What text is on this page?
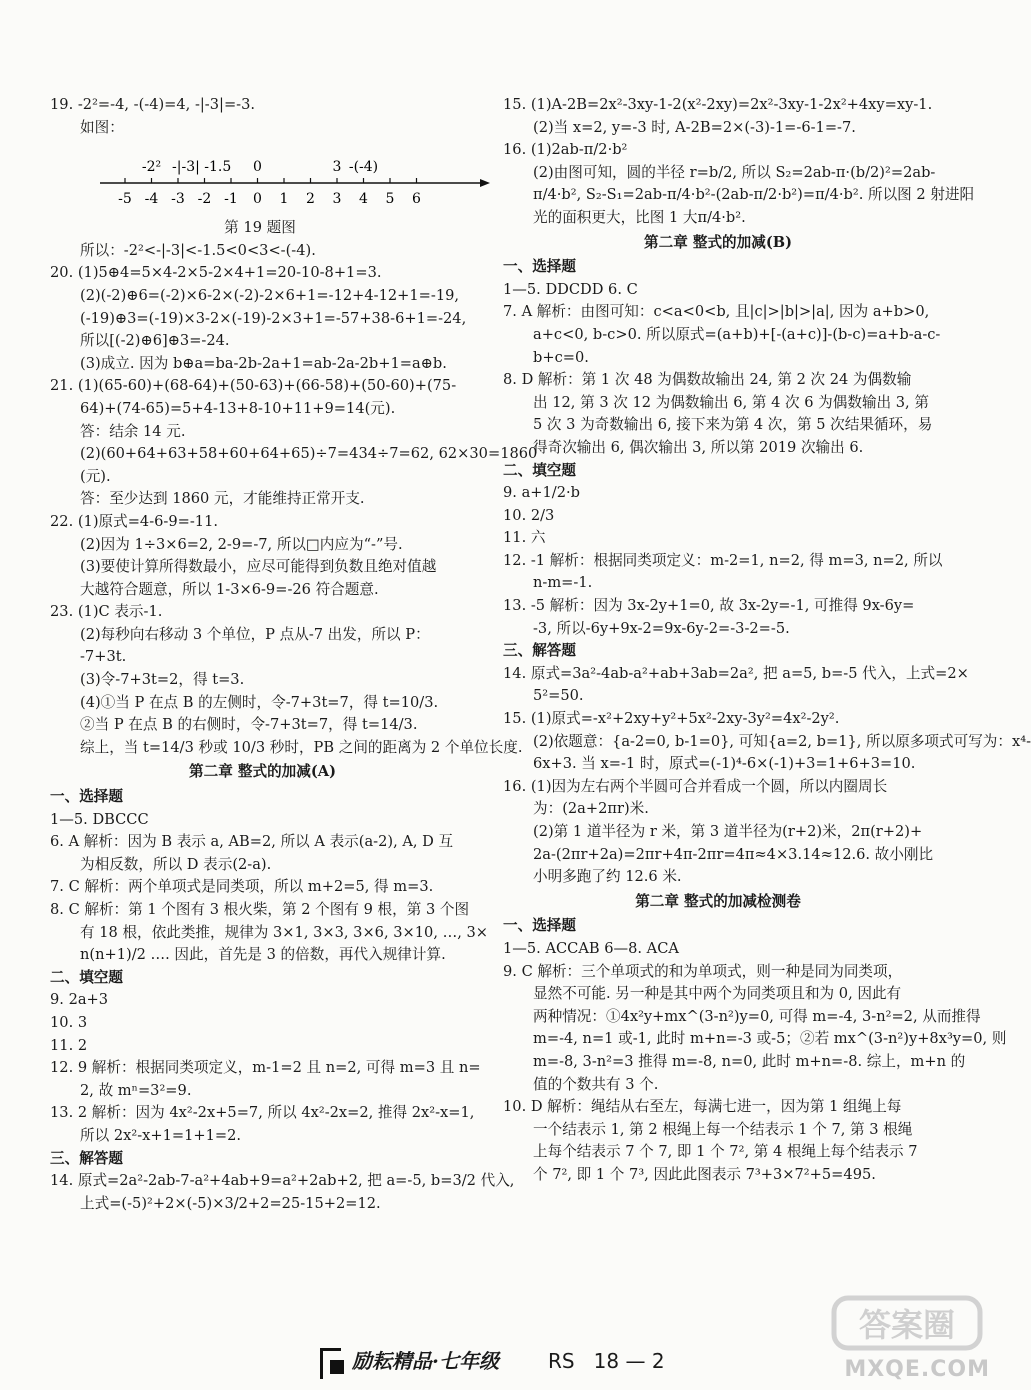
19. -2²=-4, -(-4)=4, -|-3|=-3.
如图：
-5 -4 -3 -2 -1 0 1 2 3 4 5 6
-2² -|-3| -1.5 0	3 -(-4)
第 19 题图
所以：-2²<-|-3|<-1.5<0<3<-(-4).
20. (1)5⊕4=5×4-2×5-2×4+1=20-10-8+1=3.
(2)(-2)⊕6=(-2)×6-2×(-2)-2×6+1=-12+4-12+1=-19,
(-19)⊕3=(-19)×3-2×(-19)-2×3+1=-57+38-6+1=-24,
所以[(-2)⊕6]⊕3=-24.
(3)成立. 因为 b⊕a=ba-2b-2a+1=ab-2a-2b+1=a⊕b.
21. (1)(65-60)+(68-64)+(50-63)+(66-58)+(50-60)+(75-
64)+(74-65)=5+4-13+8-10+11+9=14(元).
答：结余 14 元.
(2)(60+64+63+58+60+64+65)÷7=434÷7=62, 62×30=1860
(元).
答：至少达到 1860 元，才能维持正常开支.
22. (1)原式=4-6-9=-11.
(2)因为 1÷3×6=2, 2-9=-7, 所以□内应为“-”号.
(3)要使计算所得数最小，应尽可能得到负数且绝对值越
大越符合题意，所以 1-3×6-9=-26 符合题意.
23. (1)C 表示-1.
(2)每秒向右移动 3 个单位，P 点从-7 出发，所以 P：
-7+3t.
(3)令-7+3t=2，得 t=3.
(4)①当 P 在点 B 的左侧时，令-7+3t=7，得 t=10/3.
②当 P 在点 B 的右侧时，令-7+3t=7，得 t=14/3.
综上，当 t=14/3 秒或 10/3 秒时，PB 之间的距离为 2 个单位长度.
第二章 整式的加减(A)
一、选择题
1—5. DBCCC
6. A 解析：因为 B 表示 a, AB=2, 所以 A 表示(a-2), A, D 互
为相反数，所以 D 表示(2-a).
7. C 解析：两个单项式是同类项，所以 m+2=5, 得 m=3.
8. C 解析：第 1 个图有 3 根火柴，第 2 个图有 9 根，第 3 个图
有 18 根，依此类推，规律为 3×1, 3×3, 3×6, 3×10, …, 3×
n(n+1)/2 …. 因此，首先是 3 的倍数，再代入规律计算.
二、填空题
9. 2a+3
10. 3
11. 2
12. 9 解析：根据同类项定义，m-1=2 且 n=2, 可得 m=3 且 n=
2, 故 mⁿ=3²=9.
13. 2 解析：因为 4x²-2x+5=7, 所以 4x²-2x=2, 推得 2x²-x=1,
所以 2x²-x+1=1+1=2.
三、解答题
14. 原式=2a²-2ab-7-a²+4ab+9=a²+2ab+2, 把 a=-5, b=3/2 代入,
上式=(-5)²+2×(-5)×3/2+2=25-15+2=12.
15. (1)A-2B=2x²-3xy-1-2(x²-2xy)=2x²-3xy-1-2x²+4xy=xy-1.
(2)当 x=2, y=-3 时, A-2B=2×(-3)-1=-6-1=-7.
16. (1)2ab-π/2·b²
(2)由图可知，圆的半径 r=b/2, 所以 S₂=2ab-π·(b/2)²=2ab-
π/4·b², S₂-S₁=2ab-π/4·b²-(2ab-π/2·b²)=π/4·b². 所以图 2 射进阳
光的面积更大，比图 1 大π/4·b².
第二章 整式的加减(B)
一、选择题
1—5. DDCDD 6. C
7. A 解析：由图可知：c<a<0<b, 且|c|>|b|>|a|, 因为 a+b>0,
a+c<0, b-c>0. 所以原式=(a+b)+[-(a+c)]-(b-c)=a+b-a-c-
b+c=0.
8. D 解析：第 1 次 48 为偶数故输出 24, 第 2 次 24 为偶数输
出 12, 第 3 次 12 为偶数输出 6, 第 4 次 6 为偶数输出 3, 第
5 次 3 为奇数输出 6, 接下来为第 4 次，第 5 次结果循环，易
得奇次输出 6, 偶次输出 3, 所以第 2019 次输出 6.
二、填空题
9. a+1/2·b
10. 2/3
11. 六
12. -1 解析：根据同类项定义：m-2=1, n=2, 得 m=3, n=2, 所以
n-m=-1.
13. -5 解析：因为 3x-2y+1=0, 故 3x-2y=-1, 可推得 9x-6y=
-3, 所以-6y+9x-2=9x-6y-2=-3-2=-5.
三、解答题
14. 原式=3a²-4ab-a²+ab+3ab=2a², 把 a=5, b=-5 代入，上式=2×
5²=50.
15. (1)原式=-x²+2xy+y²+5x²-2xy-3y²=4x²-2y².
(2)依题意：{a-2=0, b-1=0}, 可知{a=2, b=1}, 所以原多项式可写为：x⁴-
6x+3. 当 x=-1 时，原式=(-1)⁴-6×(-1)+3=1+6+3=10.
16. (1)因为左右两个半圆可合并看成一个圆，所以内圈周长
为：(2a+2πr)米.
(2)第 1 道半径为 r 米，第 3 道半径为(r+2)米，2π(r+2)+
2a-(2πr+2a)=2πr+4π-2πr=4π≈4×3.14≈12.6. 故小刚比
小明多跑了约 12.6 米.
第二章 整式的加减检测卷
一、选择题
1—5. ACCAB 6—8. ACA
9. C 解析：三个单项式的和为单项式，则一种是同为同类项，
显然不可能. 另一种是其中两个为同类项且和为 0, 因此有
两种情况：①4x²y+mx^(3-n²)y=0, 可得 m=-4, 3-n²=2, 从而推得
m=-4, n=1 或-1, 此时 m+n=-3 或-5；②若 mx^(3-n²)y+8x³y=0, 则
m=-8, 3-n²=3 推得 m=-8, n=0, 此时 m+n=-8. 综上，m+n 的
值的个数共有 3 个.
10. D 解析：绳结从右至左，每满七进一，因为第 1 组绳上每
一个结表示 1, 第 2 根绳上每一个结表示 1 个 7, 第 3 根绳
上每个结表示 7 个 7, 即 1 个 7², 第 4 根绳上每个结表示 7
个 7², 即 1 个 7³, 因此此图表示 7³+3×7²+5=495.
励耘精品·七年级 RS 18 — 2
答案圈
MXQE.COM
